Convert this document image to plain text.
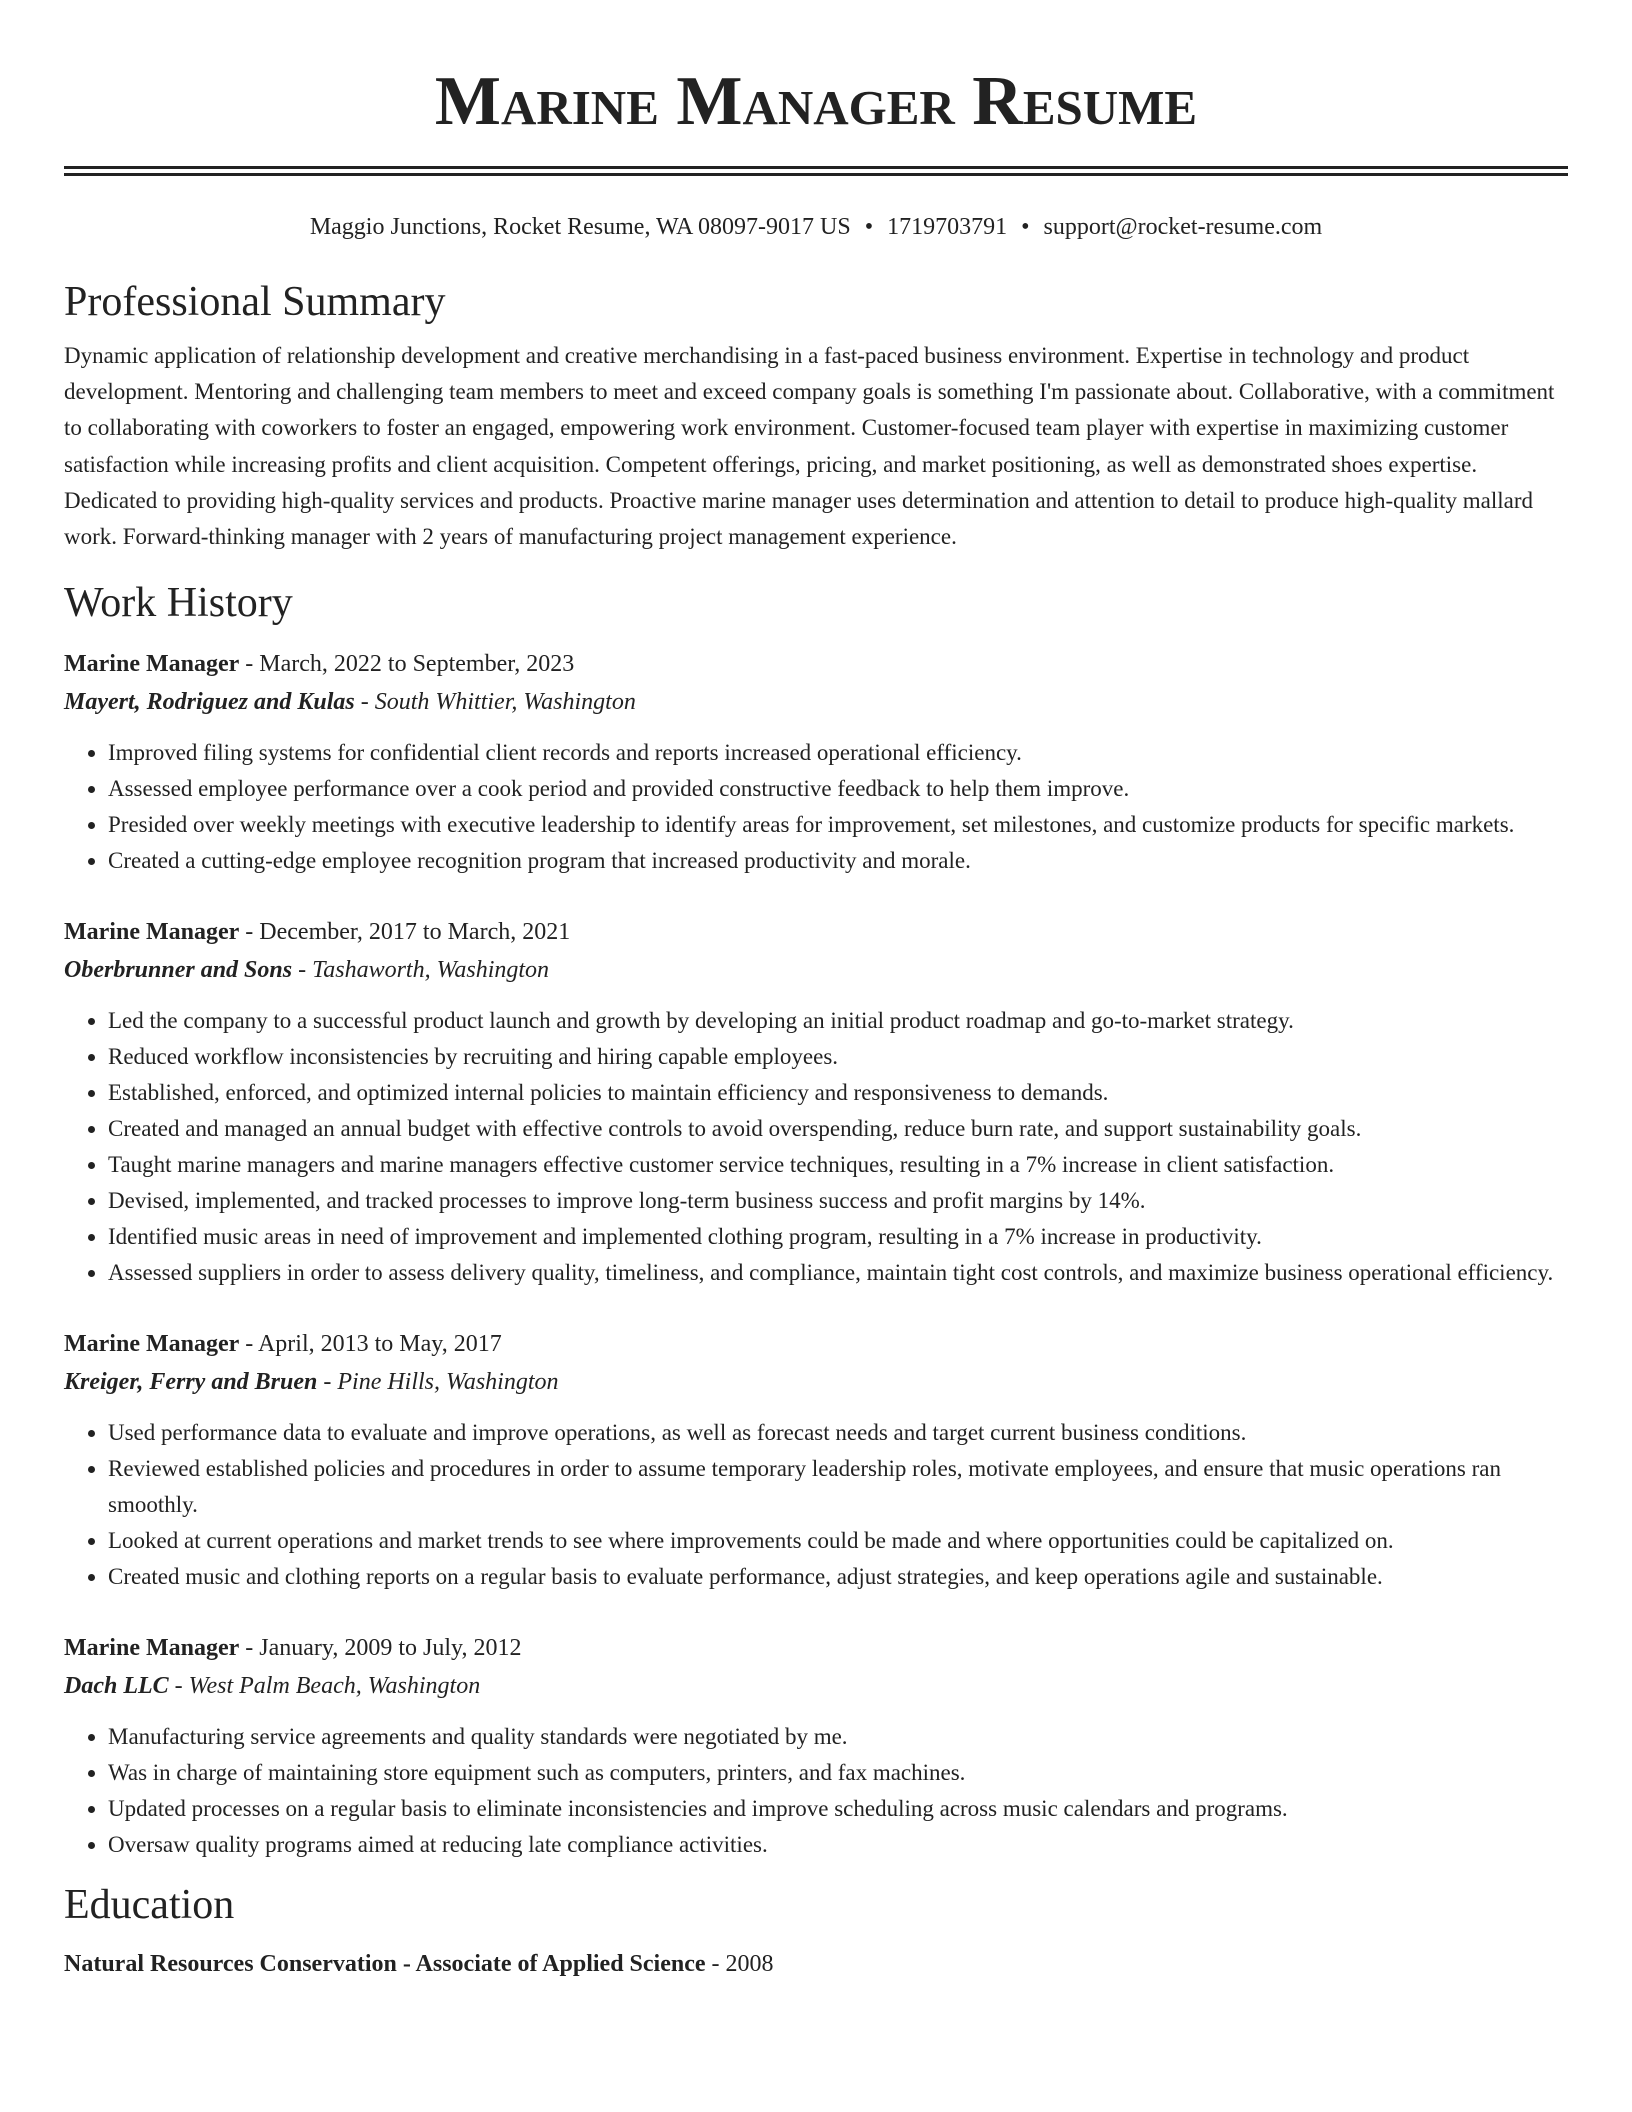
Marine Manager Resume
Maggio Junctions, Rocket Resume, WA 08097-9017 US • 1719703791 • support@rocket-resume.com
Professional Summary

Dynamic application of relationship development and creative merchandising in a fast-paced business environment. Expertise in technology and product development. Mentoring and challenging team members to meet and exceed company goals is something I'm passionate about. Collaborative, with a commitment to collaborating with coworkers to foster an engaged, empowering work environment. Customer-focused team player with expertise in maximizing customer satisfaction while increasing profits and client acquisition. Competent offerings, pricing, and market positioning, as well as demonstrated shoes expertise. Dedicated to providing high-quality services and products. Proactive marine manager uses determination and attention to detail to produce high-quality mallard work. Forward-thinking manager with 2 years of manufacturing project management experience.

Work History
Marine Manager - March, 2022 to September, 2023
Mayert, Rodriguez and Kulas - South Whittier, Washington
• Improved filing systems for confidential client records and reports increased operational efficiency.
• Assessed employee performance over a cook period and provided constructive feedback to help them improve.
• Presided over weekly meetings with executive leadership to identify areas for improvement, set milestones, and customize products for specific markets.
• Created a cutting-edge employee recognition program that increased productivity and morale.
Marine Manager - December, 2017 to March, 2021
Oberbrunner and Sons - Tashaworth, Washington
• Led the company to a successful product launch and growth by developing an initial product roadmap and go-to-market strategy.
• Reduced workflow inconsistencies by recruiting and hiring capable employees.
• Established, enforced, and optimized internal policies to maintain efficiency and responsiveness to demands.
• Created and managed an annual budget with effective controls to avoid overspending, reduce burn rate, and support sustainability goals.
• Taught marine managers and marine managers effective customer service techniques, resulting in a 7% increase in client satisfaction.
• Devised, implemented, and tracked processes to improve long-term business success and profit margins by 14%.
• Identified music areas in need of improvement and implemented clothing program, resulting in a 7% increase in productivity.
• Assessed suppliers in order to assess delivery quality, timeliness, and compliance, maintain tight cost controls, and maximize business operational efficiency.
Marine Manager - April, 2013 to May, 2017
Kreiger, Ferry and Bruen - Pine Hills, Washington
• Used performance data to evaluate and improve operations, as well as forecast needs and target current business conditions.
• Reviewed established policies and procedures in order to assume temporary leadership roles, motivate employees, and ensure that music operations ran smoothly.
• Looked at current operations and market trends to see where improvements could be made and where opportunities could be capitalized on.
• Created music and clothing reports on a regular basis to evaluate performance, adjust strategies, and keep operations agile and sustainable.
Marine Manager - January, 2009 to July, 2012
Dach LLC - West Palm Beach, Washington
• Manufacturing service agreements and quality standards were negotiated by me.
• Was in charge of maintaining store equipment such as computers, printers, and fax machines.
• Updated processes on a regular basis to eliminate inconsistencies and improve scheduling across music calendars and programs.
• Oversaw quality programs aimed at reducing late compliance activities.
Education
Natural Resources Conservation - Associate of Applied Science - 2008
